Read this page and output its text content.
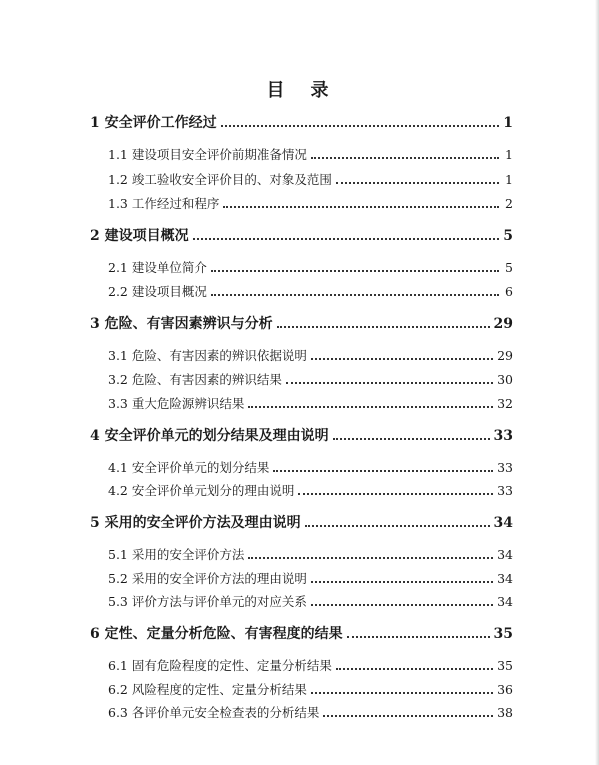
目　录
1 安全评价工作经过	1
1.1 建设项目安全评价前期准备情况	1
1.2 竣工验收安全评价目的、对象及范围	1
1.3 工作经过和程序	2
2 建设项目概况	5
2.1 建设单位简介	5
2.2 建设项目概况	6
3 危险、有害因素辨识与分析	29
3.1 危险、有害因素的辨识依据说明	29
3.2 危险、有害因素的辨识结果	30
3.3 重大危险源辨识结果	32
4 安全评价单元的划分结果及理由说明	33
4.1 安全评价单元的划分结果	33
4.2 安全评价单元划分的理由说明	33
5 采用的安全评价方法及理由说明	34
5.1 采用的安全评价方法	34
5.2 采用的安全评价方法的理由说明	34
5.3 评价方法与评价单元的对应关系	34
6 定性、定量分析危险、有害程度的结果	35
6.1 固有危险程度的定性、定量分析结果	35
6.2 风险程度的定性、定量分析结果	36
6.3 各评价单元安全检查表的分析结果	38
